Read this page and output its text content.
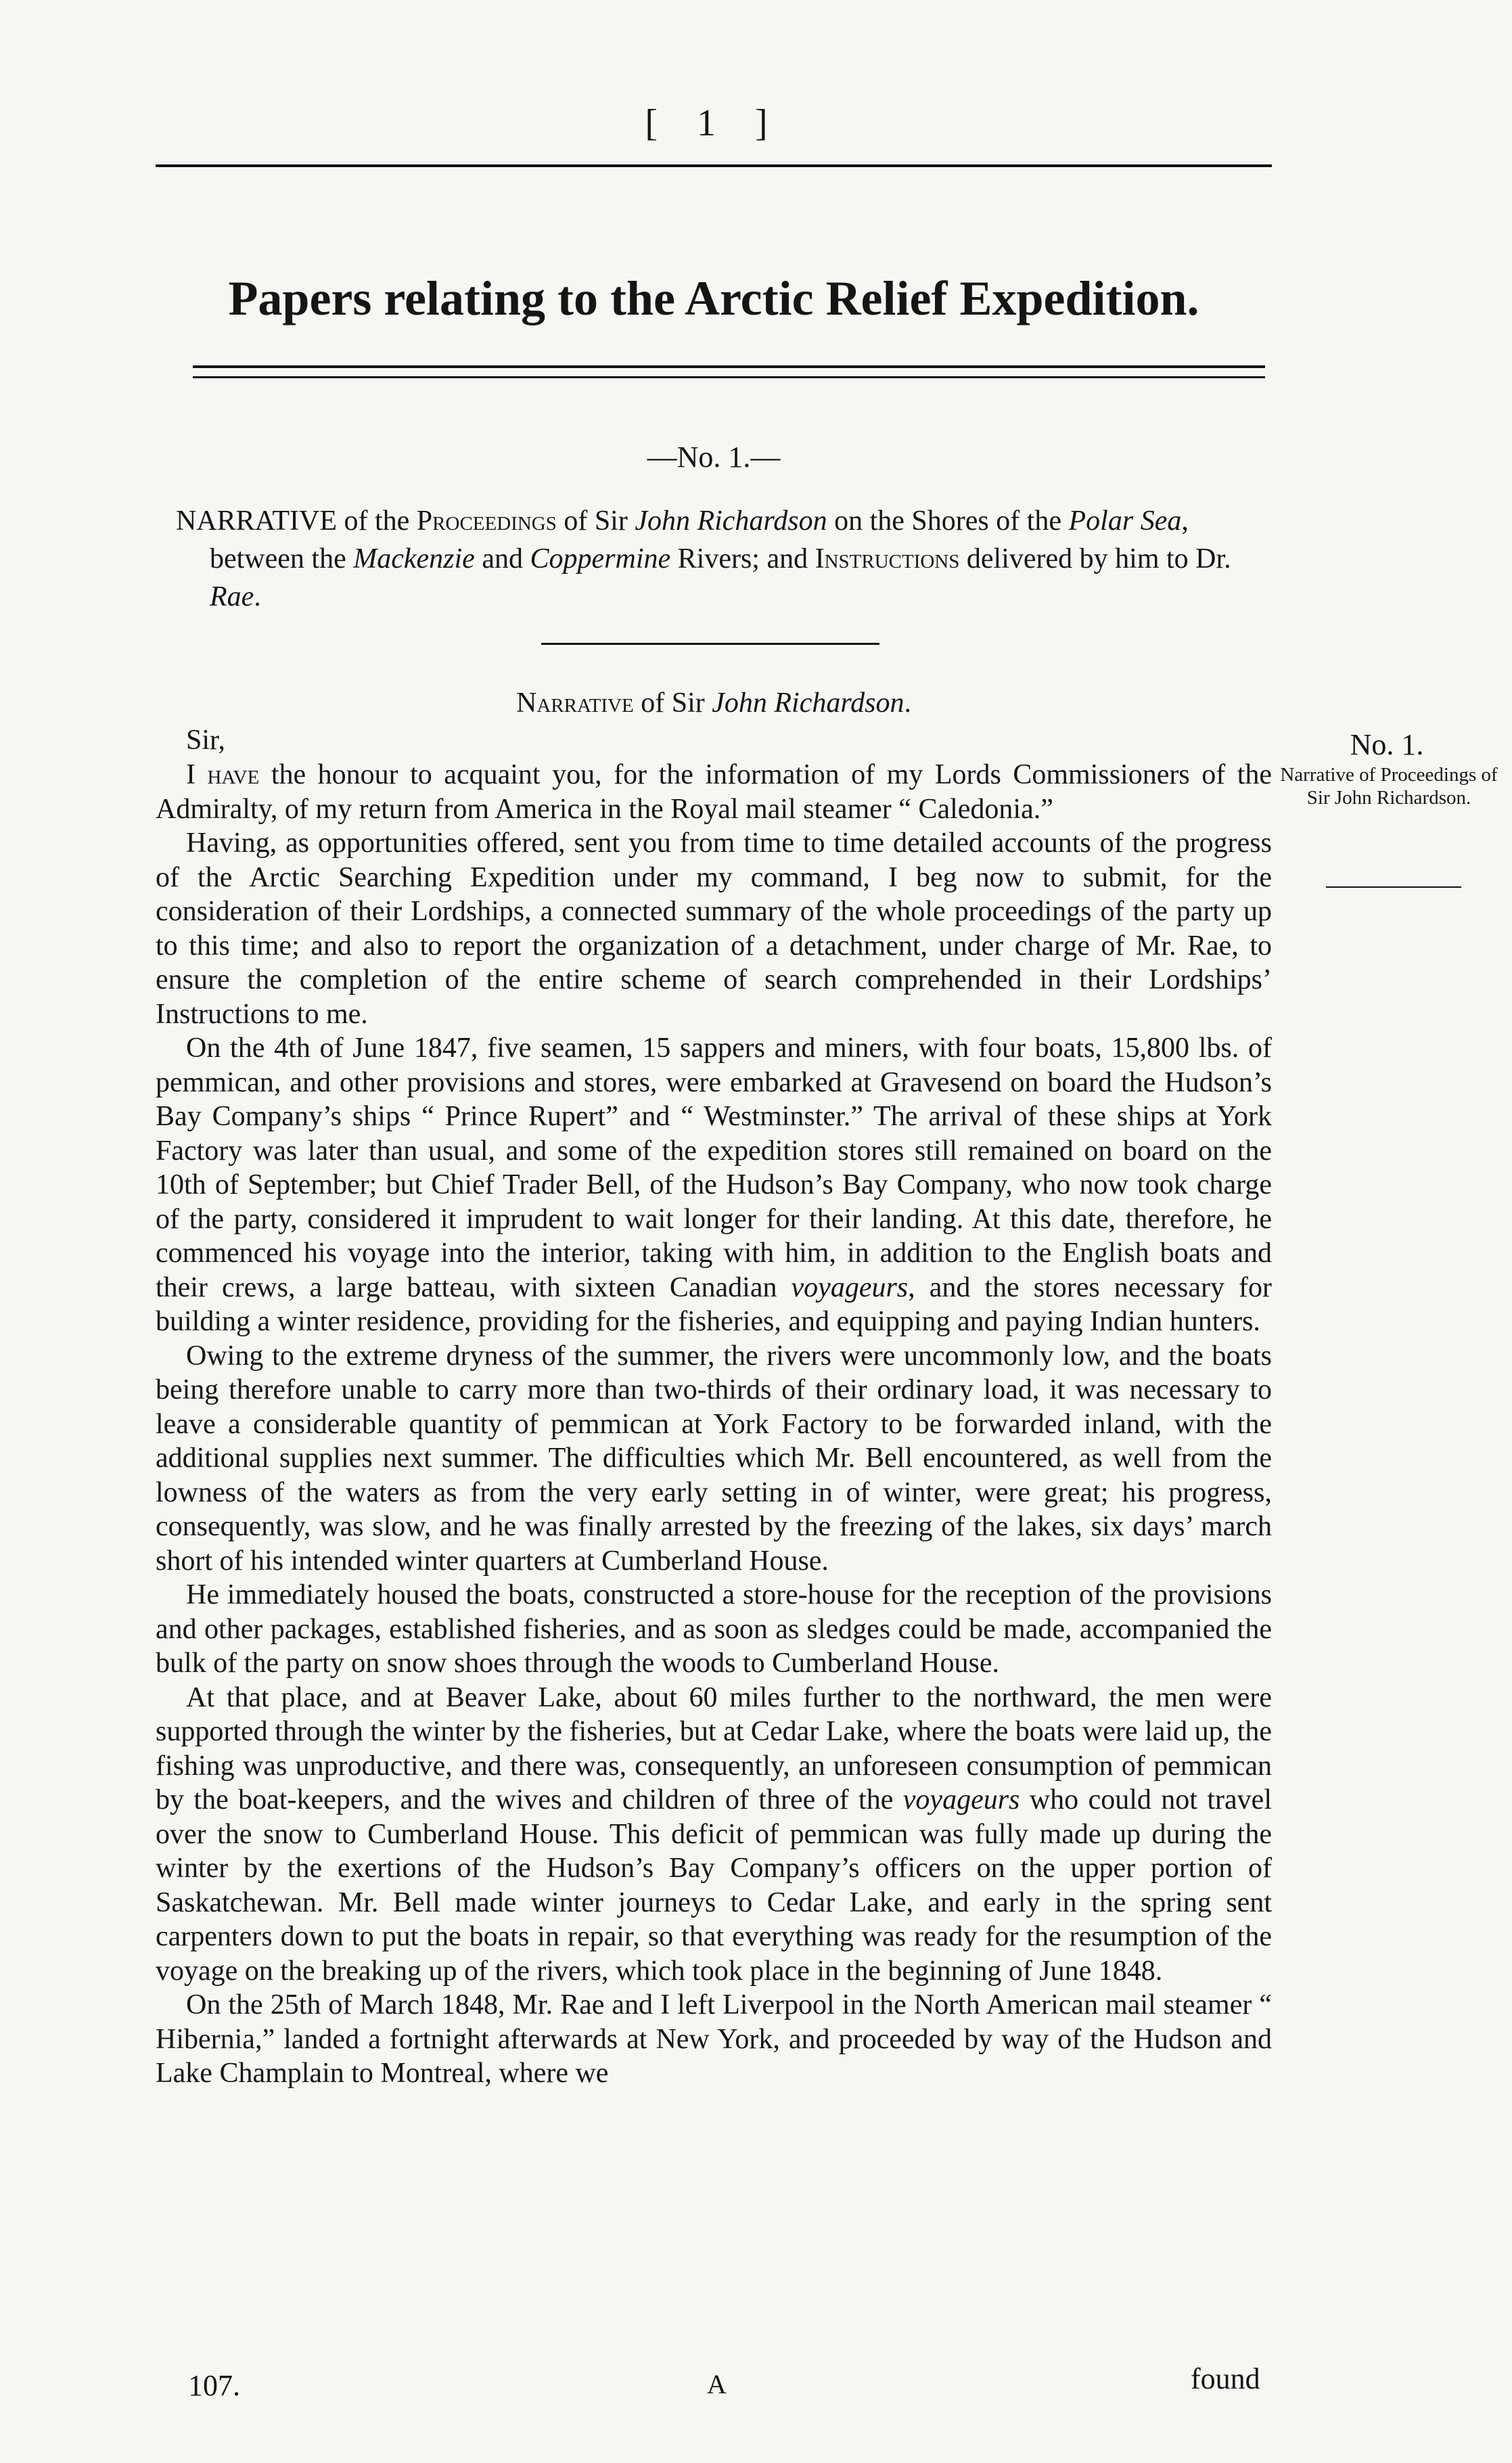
[ 1 ]
Papers relating to the Arctic Relief Expedition.
—No. 1.—
NARRATIVE of the Proceedings of Sir John Richardson on the Shores of the Polar Sea, between the Mackenzie and Coppermine Rivers; and Instructions delivered by him to Dr. Rae.
Narrative of Sir John Richardson.
Sir,	No. 1.
Narrative of Proceedings of Sir John Richardson.

I have the honour to acquaint you, for the information of my Lords Commissioners of the Admiralty, of my return from America in the Royal mail steamer “ Caledonia.”

Having, as opportunities offered, sent you from time to time detailed accounts of the progress of the Arctic Searching Expedition under my command, I beg now to submit, for the consideration of their Lordships, a connected summary of the whole proceedings of the party up to this time; and also to report the organization of a detachment, under charge of Mr. Rae, to ensure the completion of the entire scheme of search comprehended in their Lordships’ Instructions to me.

On the 4th of June 1847, five seamen, 15 sappers and miners, with four boats, 15,800 lbs. of pemmican, and other provisions and stores, were embarked at Gravesend on board the Hudson’s Bay Company’s ships “ Prince Rupert” and “ Westminster.” The arrival of these ships at York Factory was later than usual, and some of the expedition stores still remained on board on the 10th of September; but Chief Trader Bell, of the Hudson’s Bay Company, who now took charge of the party, considered it imprudent to wait longer for their landing. At this date, therefore, he commenced his voyage into the interior, taking with him, in addition to the English boats and their crews, a large batteau, with sixteen Canadian voyageurs, and the stores necessary for building a winter residence, providing for the fisheries, and equipping and paying Indian hunters.

Owing to the extreme dryness of the summer, the rivers were uncommonly low, and the boats being therefore unable to carry more than two-thirds of their ordinary load, it was necessary to leave a considerable quantity of pemmican at York Factory to be forwarded inland, with the additional supplies next summer. The difficulties which Mr. Bell encountered, as well from the lowness of the waters as from the very early setting in of winter, were great; his progress, consequently, was slow, and he was finally arrested by the freezing of the lakes, six days’ march short of his intended winter quarters at Cumberland House.

He immediately housed the boats, constructed a store-house for the reception of the provisions and other packages, established fisheries, and as soon as sledges could be made, accompanied the bulk of the party on snow shoes through the woods to Cumberland House.

At that place, and at Beaver Lake, about 60 miles further to the northward, the men were supported through the winter by the fisheries, but at Cedar Lake, where the boats were laid up, the fishing was unproductive, and there was, consequently, an unforeseen consumption of pemmican by the boat-keepers, and the wives and children of three of the voyageurs who could not travel over the snow to Cumberland House. This deficit of pemmican was fully made up during the winter by the exertions of the Hudson’s Bay Company’s officers on the upper portion of Saskatchewan. Mr. Bell made winter journeys to Cedar Lake, and early in the spring sent carpenters down to put the boats in repair, so that everything was ready for the resumption of the voyage on the breaking up of the rivers, which took place in the beginning of June 1848.

On the 25th of March 1848, Mr. Rae and I left Liverpool in the North American mail steamer “ Hibernia,” landed a fortnight afterwards at New York, and proceeded by way of the Hudson and Lake Champlain to Montreal, where we

107.	A	found
